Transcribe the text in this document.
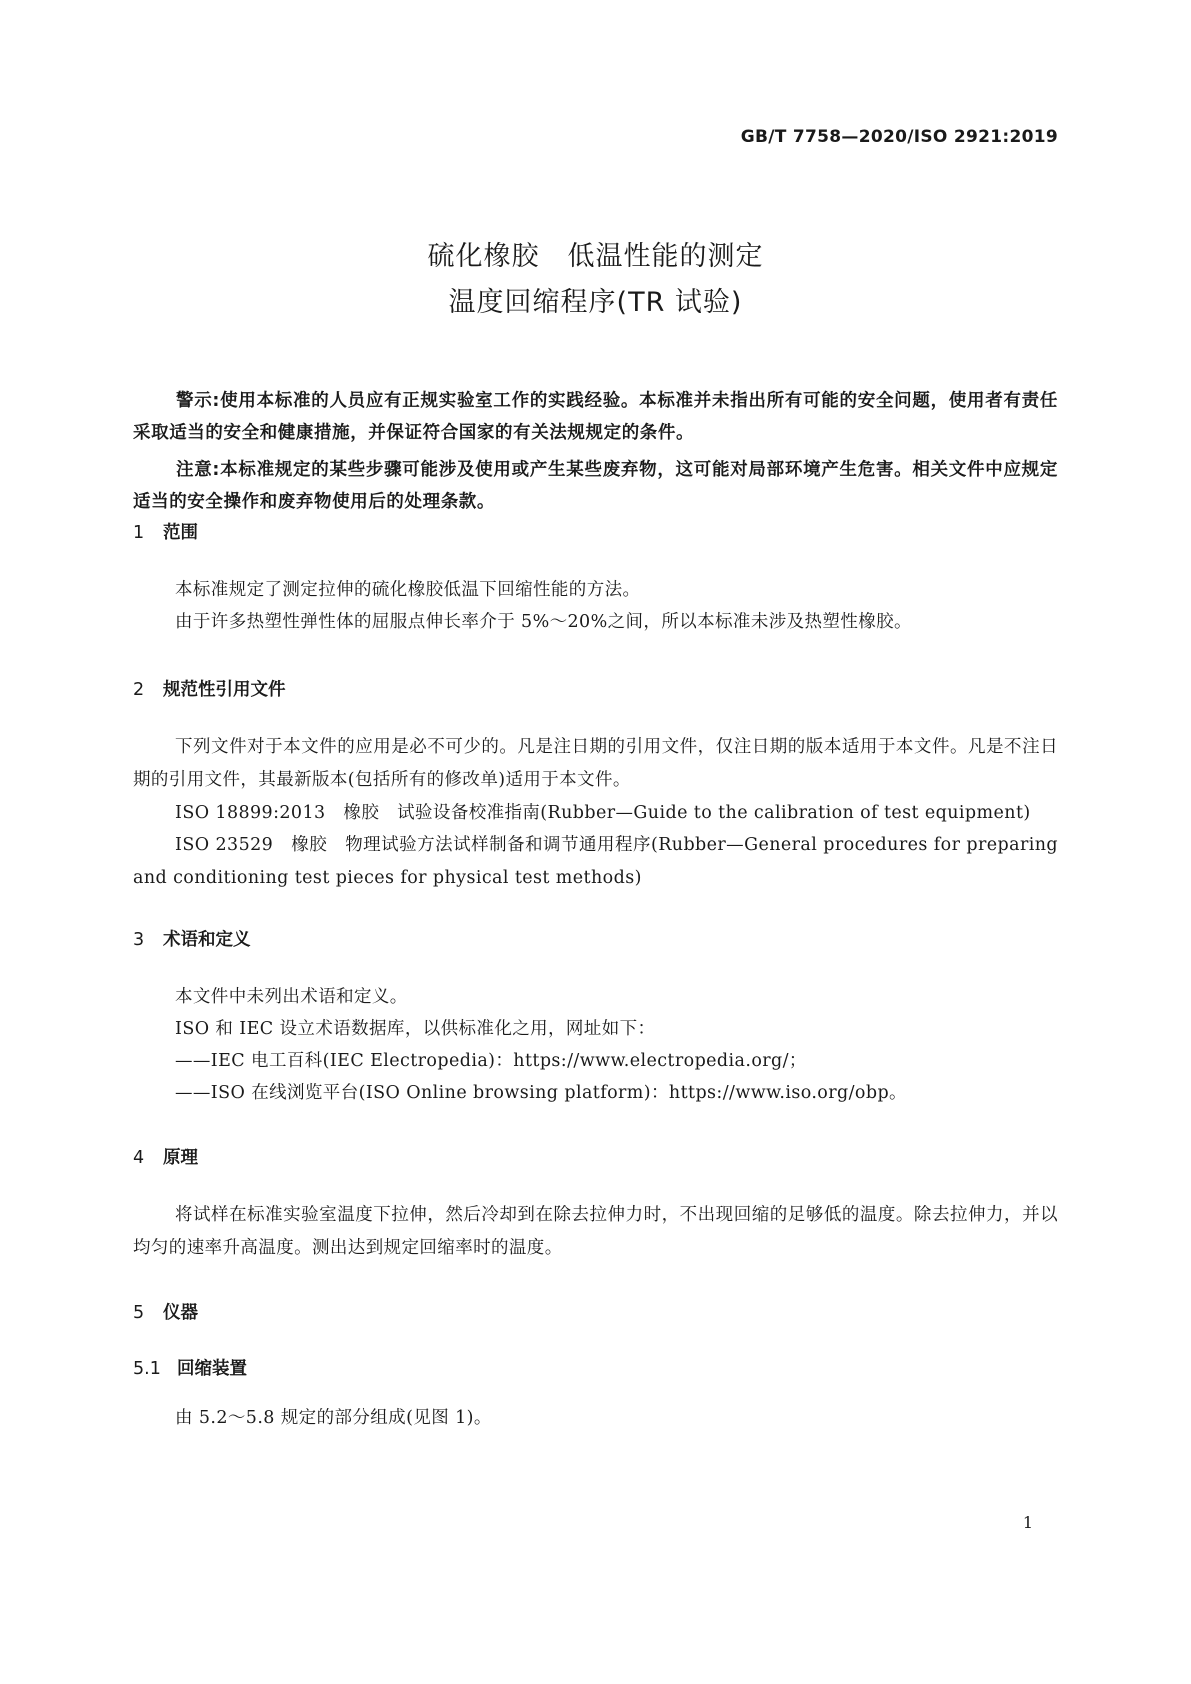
GB/T 7758—2020/ISO 2921:2019
硫化橡胶　低温性能的测定
温度回缩程序(TR 试验)
警示:使用本标准的人员应有正规实验室工作的实践经验。本标准并未指出所有可能的安全问题，使用者有责任采取适当的安全和健康措施，并保证符合国家的有关法规规定的条件。
注意:本标准规定的某些步骤可能涉及使用或产生某些废弃物，这可能对局部环境产生危害。相关文件中应规定适当的安全操作和废弃物使用后的处理条款。
1 范围
本标准规定了测定拉伸的硫化橡胶低温下回缩性能的方法。
由于许多热塑性弹性体的屈服点伸长率介于 5%～20%之间，所以本标准未涉及热塑性橡胶。
2 规范性引用文件
下列文件对于本文件的应用是必不可少的。凡是注日期的引用文件，仅注日期的版本适用于本文件。凡是不注日期的引用文件，其最新版本(包括所有的修改单)适用于本文件。
ISO 18899:2013　橡胶　试验设备校准指南(Rubber—Guide to the calibration of test equipment)
ISO 23529　橡胶　物理试验方法试样制备和调节通用程序(Rubber—General procedures for preparing and conditioning test pieces for physical test methods)
3 术语和定义
本文件中未列出术语和定义。
ISO 和 IEC 设立术语数据库，以供标准化之用，网址如下：
——IEC 电工百科(IEC Electropedia)：https://www.electropedia.org/；
——ISO 在线浏览平台(ISO Online browsing platform)：https://www.iso.org/obp。
4 原理
将试样在标准实验室温度下拉伸，然后冷却到在除去拉伸力时，不出现回缩的足够低的温度。除去拉伸力，并以均匀的速率升高温度。测出达到规定回缩率时的温度。
5 仪器
5.1 回缩装置
由 5.2～5.8 规定的部分组成(见图 1)。
1
